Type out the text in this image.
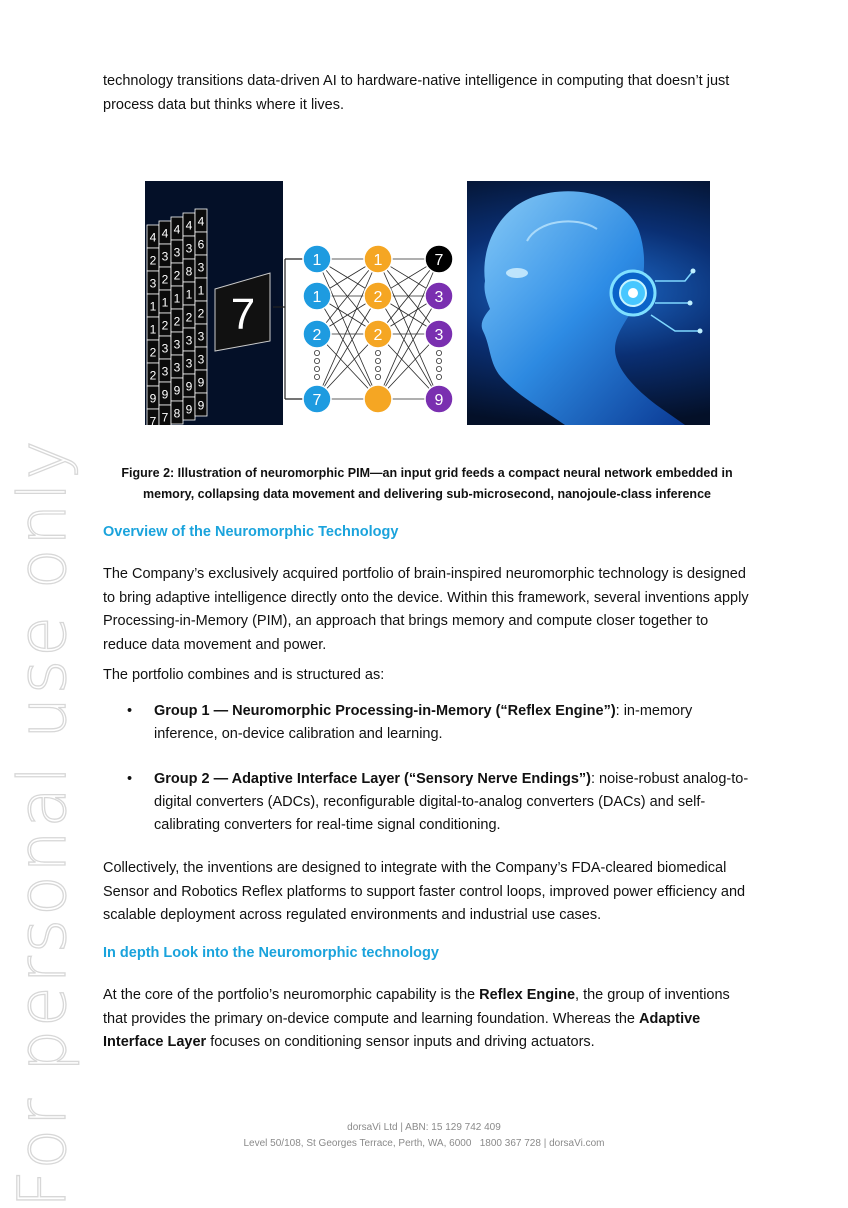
For personal use only

technology transitions data-driven AI to hardware-native intelligence in computing that doesn’t just process data but thinks where it lives.

4 4 4 4 4
2 3 3 3 6
3 2 2 8 3
1 1 1 1 1
1 2 2 2 2
2 3 3 3 3
2 3 3 3 3
9 9 9 9 9
7 7 8 9 9
7
1
1
2
7
1
2
2
7
3
3
9
Figure 2: Illustration of neuromorphic PIM—an input grid feeds a compact neural network embedded in memory, collapsing data movement and delivering sub-microsecond, nanojoule-class inference
Overview of the Neuromorphic Technology

The Company’s exclusively acquired portfolio of brain-inspired neuromorphic technology is designed to bring adaptive intelligence directly onto the device. Within this framework, several inventions apply Processing-in-Memory (PIM), an approach that brings memory and compute closer together to reduce data movement and power.

The portfolio combines and is structured as:

• Group 1 — Neuromorphic Processing-in-Memory (“Reflex Engine”): in-memory inference, on-device calibration and learning.
• Group 2 — Adaptive Interface Layer (“Sensory Nerve Endings”): noise-robust analog-to-digital converters (ADCs), reconfigurable digital-to-analog converters (DACs) and self-calibrating converters for real-time signal conditioning.

Collectively, the inventions are designed to integrate with the Company’s FDA-cleared biomedical Sensor and Robotics Reflex platforms to support faster control loops, improved power efficiency and scalable deployment across regulated environments and industrial use cases.

In depth Look into the Neuromorphic technology

At the core of the portfolio’s neuromorphic capability is the Reflex Engine, the group of inventions that provides the primary on-device compute and learning foundation. Whereas the Adaptive Interface Layer focuses on conditioning sensor inputs and driving actuators.

dorsaVi Ltd | ABN: 15 129 742 409
Level 50/108, St Georges Terrace, Perth, WA, 6000 1800 367 728 | dorsaVi.com
